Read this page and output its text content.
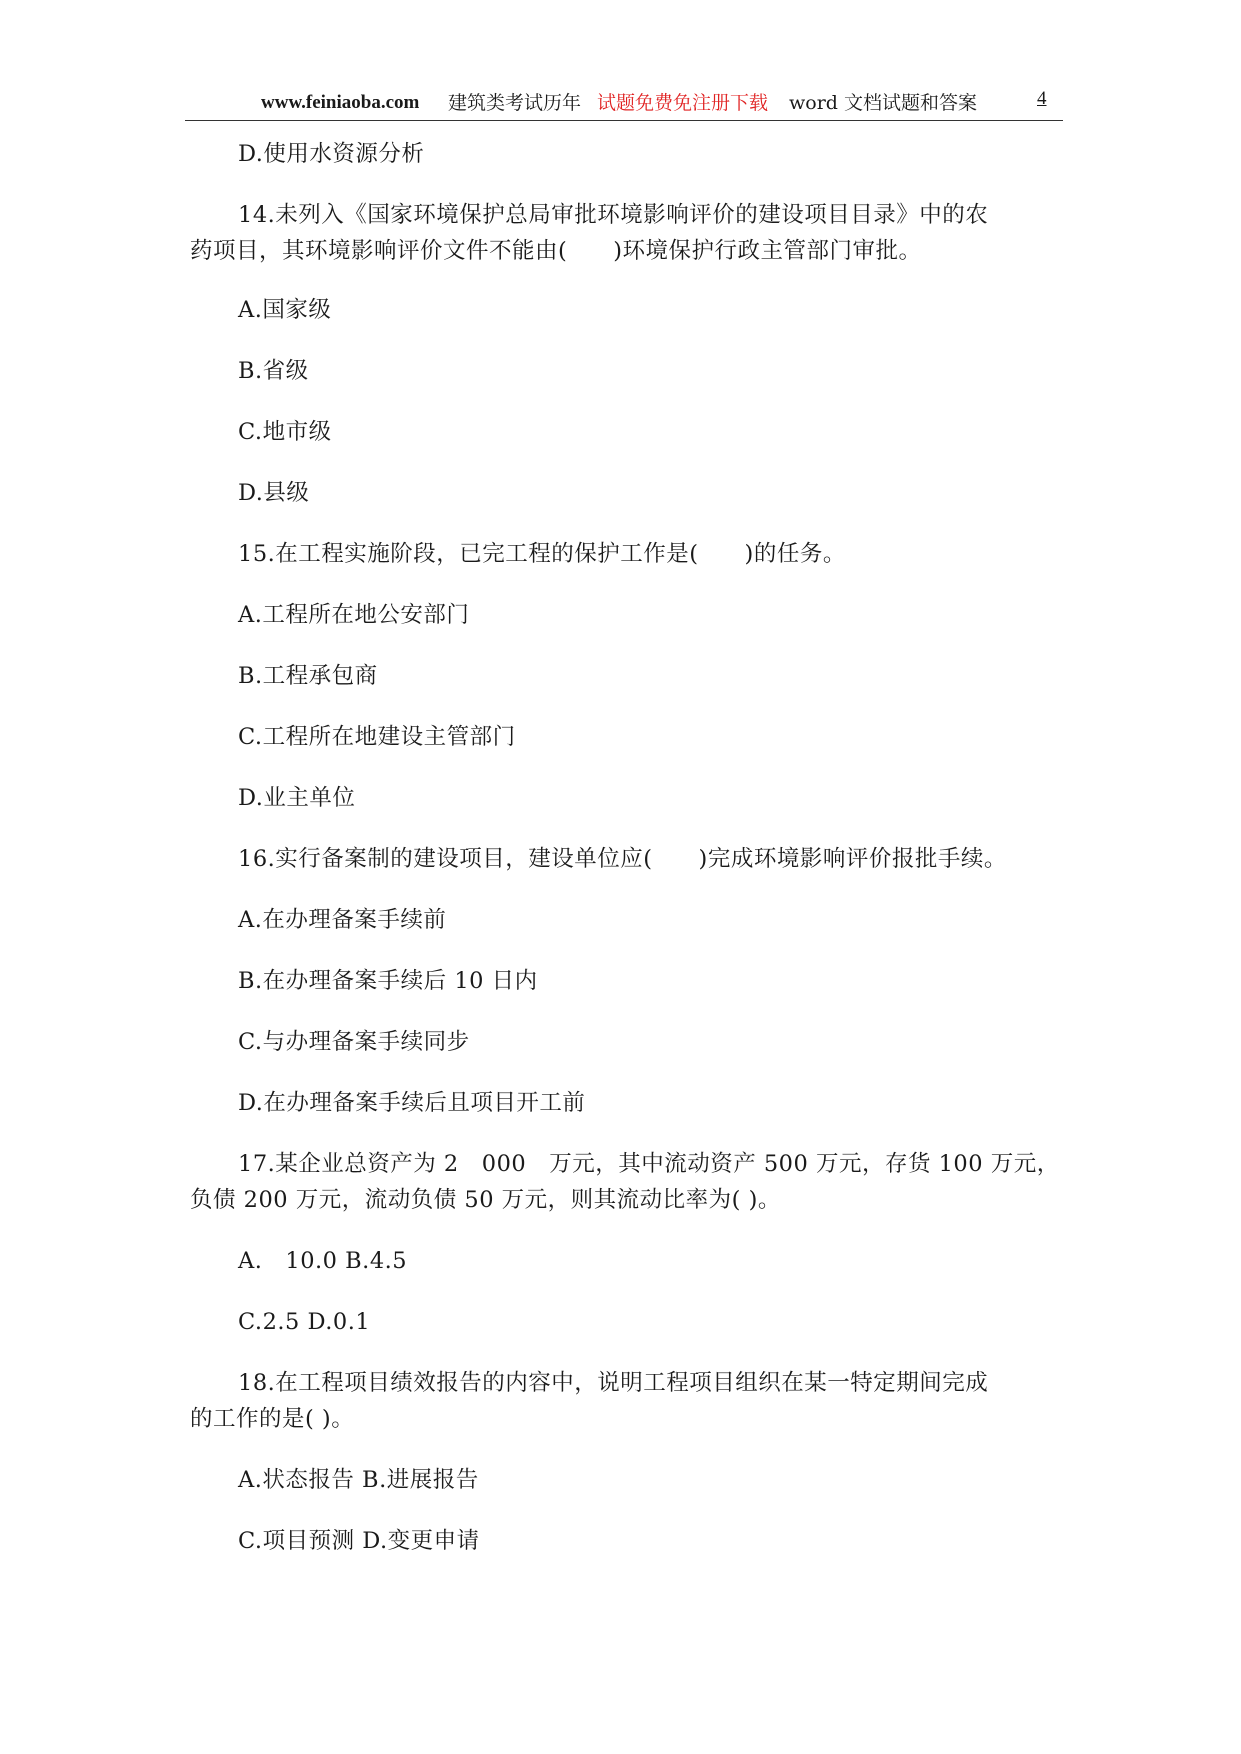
www.feiniaoba.com 建筑类考试历年 试题免费免注册下载 word 文档试题和答案	4
D.使用水资源分析
14.未列入《国家环境保护总局审批环境影响评价的建设项目目录》中的农
药项目，其环境影响评价文件不能由(　　)环境保护行政主管部门审批。
A.国家级
B.省级
C.地市级
D.县级
15.在工程实施阶段，已完工程的保护工作是(　　)的任务。
A.工程所在地公安部门
B.工程承包商
C.工程所在地建设主管部门
D.业主单位
16.实行备案制的建设项目，建设单位应(　　)完成环境影响评价报批手续。
A.在办理备案手续前
B.在办理备案手续后 10 日内
C.与办理备案手续同步
D.在办理备案手续后且项目开工前
17.某企业总资产为 2　000　万元，其中流动资产 500 万元，存货 100 万元，
负债 200 万元，流动负债 50 万元，则其流动比率为( )。
A.　10.0 B.4.5
C.2.5 D.0.1
18.在工程项目绩效报告的内容中，说明工程项目组织在某一特定期间完成
的工作的是( )。
A.状态报告 B.进展报告
C.项目预测 D.变更申请
